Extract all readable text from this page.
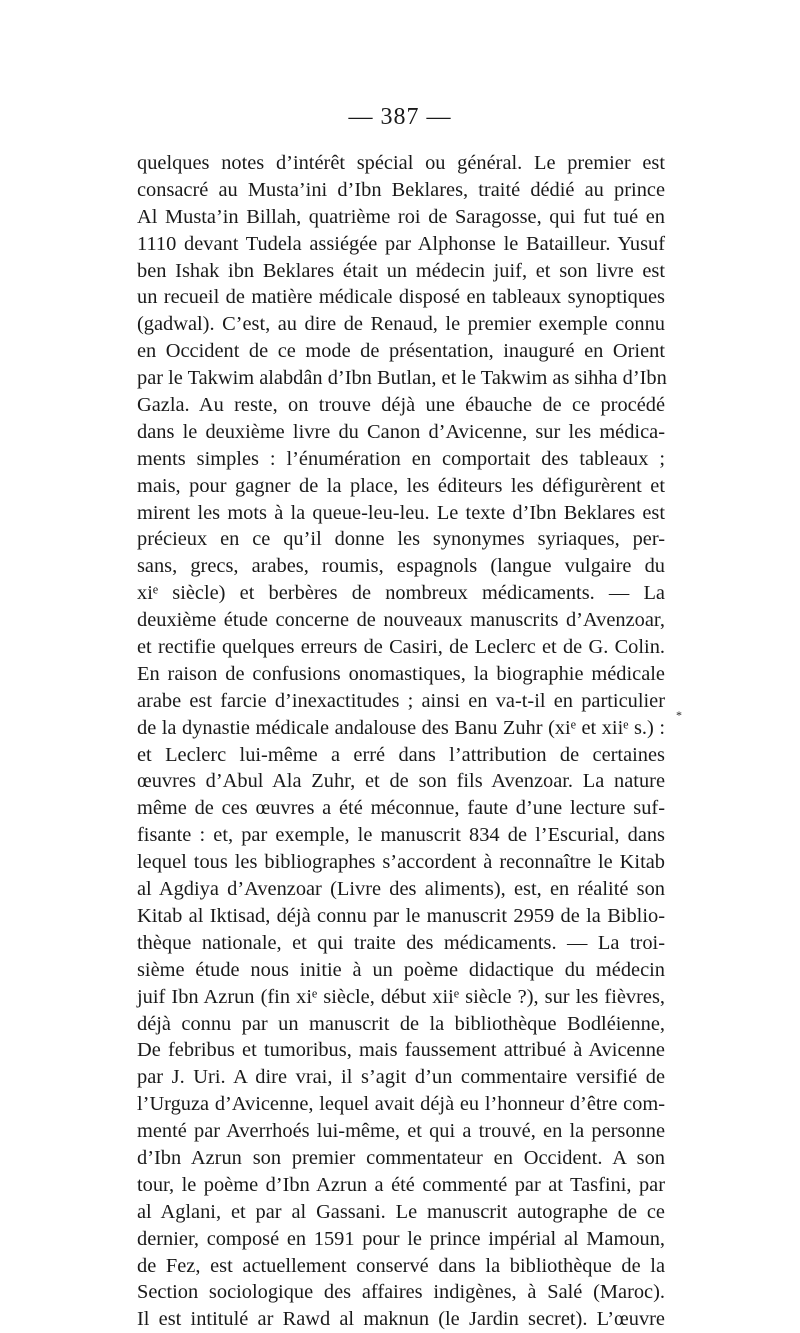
— 387 —
*
quelques notes d’intérêt spécial ou général. Le premier est
consacré au Musta’ini d’Ibn Beklares, traité dédié au prince
Al Musta’in Billah, quatrième roi de Saragosse, qui fut tué en
1110 devant Tudela assiégée par Alphonse le Batailleur. Yusuf
ben Ishak ibn Beklares était un médecin juif, et son livre est
un recueil de matière médicale disposé en tableaux synoptiques
(gadwal). C’est, au dire de Renaud, le premier exemple connu
en Occident de ce mode de présentation, inauguré en Orient
par le Takwim alabdân d’Ibn Butlan, et le Takwim as sihha d’Ibn
Gazla. Au reste, on trouve déjà une ébauche de ce procédé
dans le deuxième livre du Canon d’Avicenne, sur les médica-
ments simples : l’énumération en comportait des tableaux ;
mais, pour gagner de la place, les éditeurs les défigurèrent et
mirent les mots à la queue-leu-leu. Le texte d’Ibn Beklares est
précieux en ce qu’il donne les synonymes syriaques, per-
sans, grecs, arabes, roumis, espagnols (langue vulgaire du
xiᵉ siècle) et berbères de nombreux médicaments. — La
deuxième étude concerne de nouveaux manuscrits d’Avenzoar,
et rectifie quelques erreurs de Casiri, de Leclerc et de G. Colin.
En raison de confusions onomastiques, la biographie médicale
arabe est farcie d’inexactitudes ; ainsi en va-t-il en particulier
de la dynastie médicale andalouse des Banu Zuhr (xiᵉ et xiiᵉ s.) :
et Leclerc lui-même a erré dans l’attribution de certaines
œuvres d’Abul Ala Zuhr, et de son fils Avenzoar. La nature
même de ces œuvres a été méconnue, faute d’une lecture suf-
fisante : et, par exemple, le manuscrit 834 de l’Escurial, dans
lequel tous les bibliographes s’accordent à reconnaître le Kitab
al Agdiya d’Avenzoar (Livre des aliments), est, en réalité son
Kitab al Iktisad, déjà connu par le manuscrit 2959 de la Biblio-
thèque nationale, et qui traite des médicaments. — La troi-
sième étude nous initie à un poème didactique du médecin
juif Ibn Azrun (fin xiᵉ siècle, début xiiᵉ siècle ?), sur les fièvres,
déjà connu par un manuscrit de la bibliothèque Bodléienne,
De febribus et tumoribus, mais faussement attribué à Avicenne
par J. Uri. A dire vrai, il s’agit d’un commentaire versifié de
l’Urguza d’Avicenne, lequel avait déjà eu l’honneur d’être com-
menté par Averrhoés lui-même, et qui a trouvé, en la personne
d’Ibn Azrun son premier commentateur en Occident. A son
tour, le poème d’Ibn Azrun a été commenté par at Tasfini, par
al Aglani, et par al Gassani. Le manuscrit autographe de ce
dernier, composé en 1591 pour le prince impérial al Mamoun,
de Fez, est actuellement conservé dans la bibliothèque de la
Section sociologique des affaires indigènes, à Salé (Maroc).
Il est intitulé ar Rawd al maknun (le Jardin secret). L’œuvre
